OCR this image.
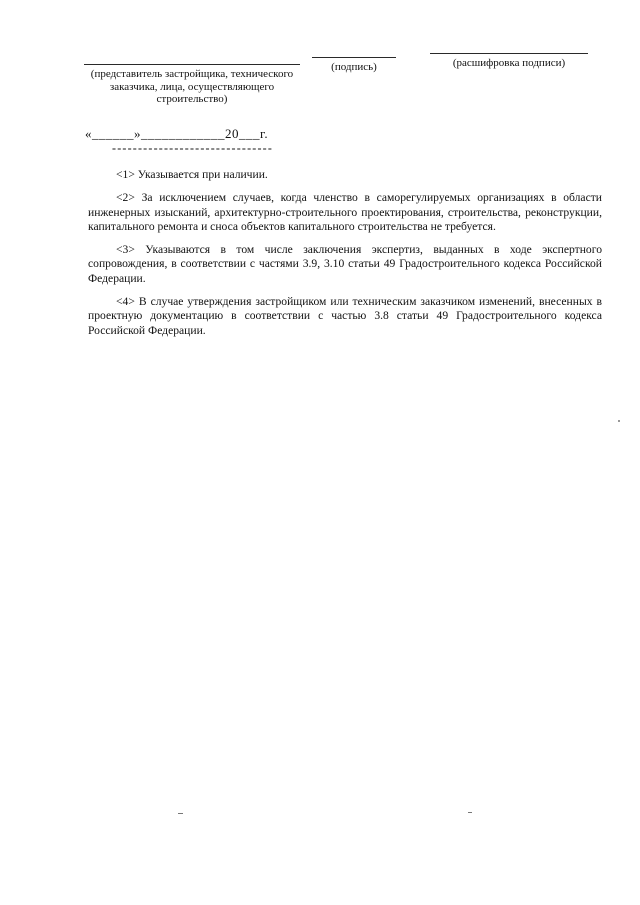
(представитель застройщика, технического заказчика, лица, осуществляющего строительство)
(подпись)	(расшифровка подписи)
«______»____________20___г.
-------------------------------

<1> Указывается при наличии.

<2> За исключением случаев, когда членство в саморегулируемых организациях в области инженерных изысканий, архитектурно-строительного проектирования, строительства, реконструкции, капитального ремонта и сноса объектов капитального строительства не требуется.

<3> Указываются в том числе заключения экспертиз, выданных в ходе экспертного сопровождения, в соответствии с частями 3.9, 3.10 статьи 49 Градостроительного кодекса Российской Федерации.

<4> В случае утверждения застройщиком или техническим заказчиком изменений, внесенных в проектную документацию в соответствии с частью 3.8 статьи 49 Градостроительного кодекса Российской Федерации.
